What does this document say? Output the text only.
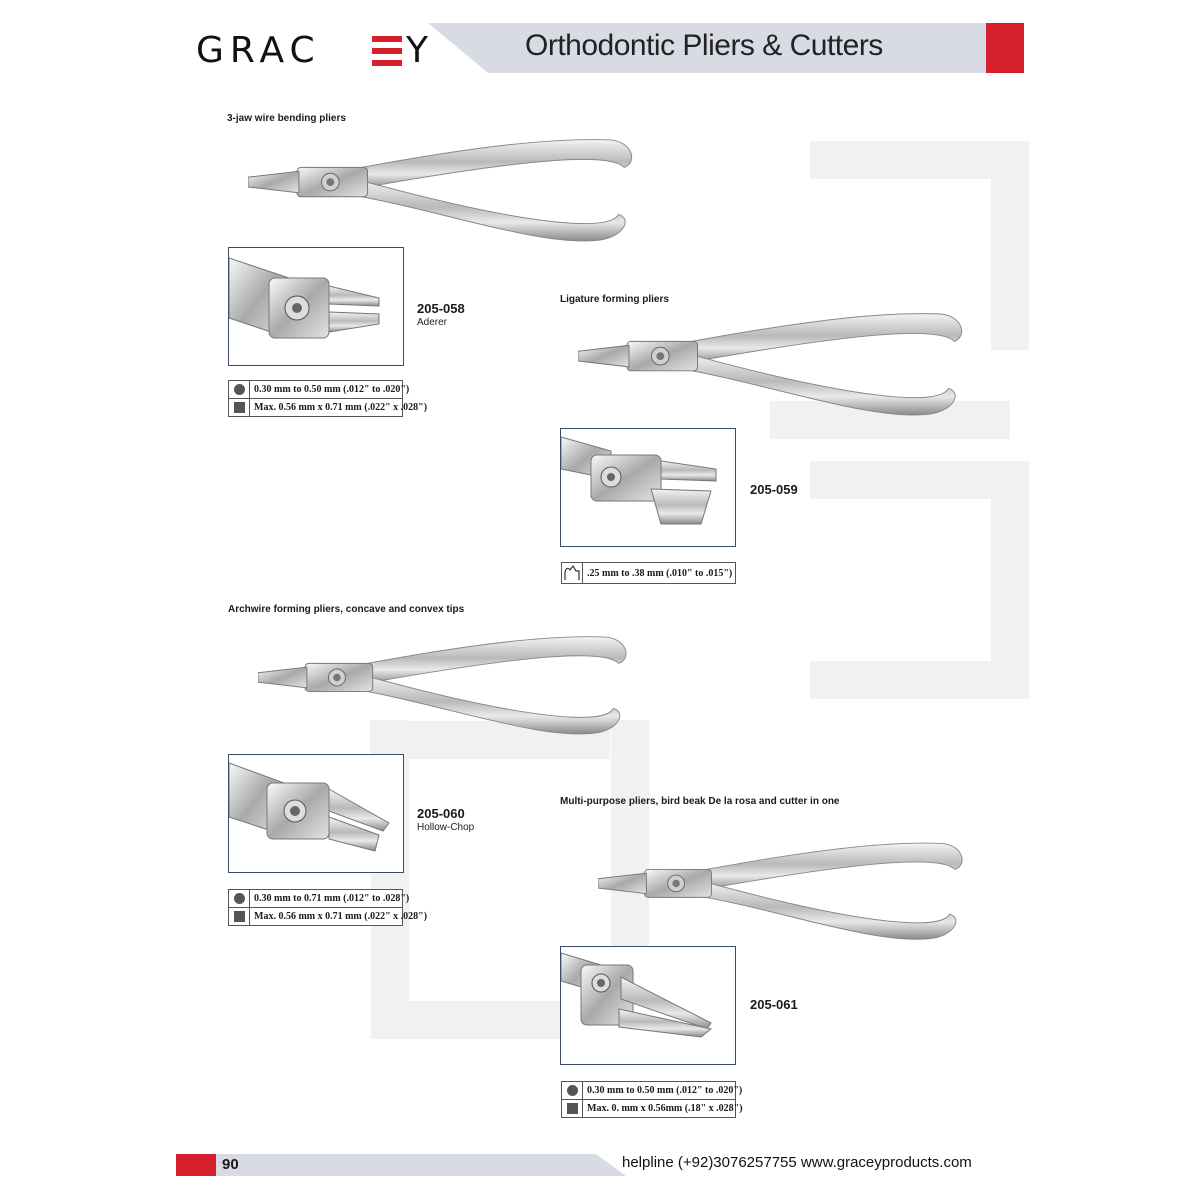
GRAC Y	Orthodontic Pliers & Cutters
3-jaw wire bending pliers
205-058
Aderer
0.30 mm to 0.50 mm (.012" to .020")
Max. 0.56 mm x 0.71 mm (.022" x .028")
Ligature forming pliers
205-059
.25 mm to .38 mm (.010" to .015")
Archwire forming pliers, concave and convex tips
205-060
Hollow-Chop
0.30 mm to 0.71 mm (.012" to .028")
Max. 0.56 mm x 0.71 mm (.022" x .028")
Multi-purpose pliers, bird beak De la rosa and cutter in one
205-061
0.30 mm to 0.50 mm (.012" to .020")
Max. 0. mm x 0.56mm (.18" x .028")
90	helpline (+92)3076257755 www.graceyproducts.com
